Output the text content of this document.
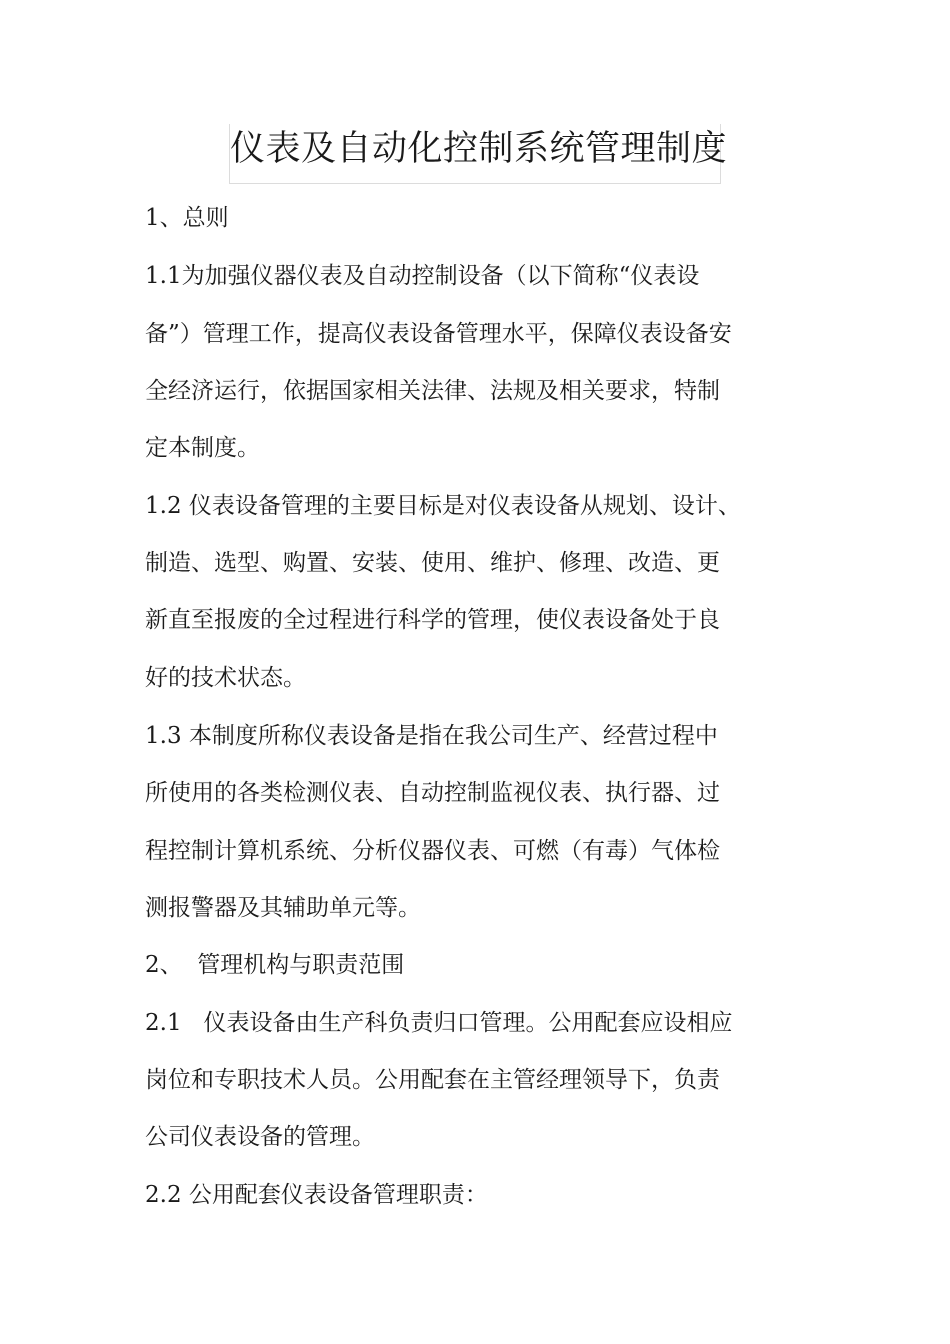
仪表及自动化控制系统管理制度
1、总则
1.1为加强仪器仪表及自动控制设备（以下简称“仪表设
备”）管理工作，提高仪表设备管理水平，保障仪表设备安
全经济运行，依据国家相关法律、法规及相关要求，特制
定本制度。
1.2 仪表设备管理的主要目标是对仪表设备从规划、设计、
制造、选型、购置、安装、使用、维护、修理、改造、更
新直至报废的全过程进行科学的管理，使仪表设备处于良
好的技术状态。
1.3 本制度所称仪表设备是指在我公司生产、经营过程中
所使用的各类检测仪表、自动控制监视仪表、执行器、过
程控制计算机系统、分析仪器仪表、可燃（有毒）气体检
测报警器及其辅助单元等。
2、  管理机构与职责范围
2.1   仪表设备由生产科负责归口管理。公用配套应设相应
岗位和专职技术人员。公用配套在主管经理领导下，负责
公司仪表设备的管理。
2.2 公用配套仪表设备管理职责：
